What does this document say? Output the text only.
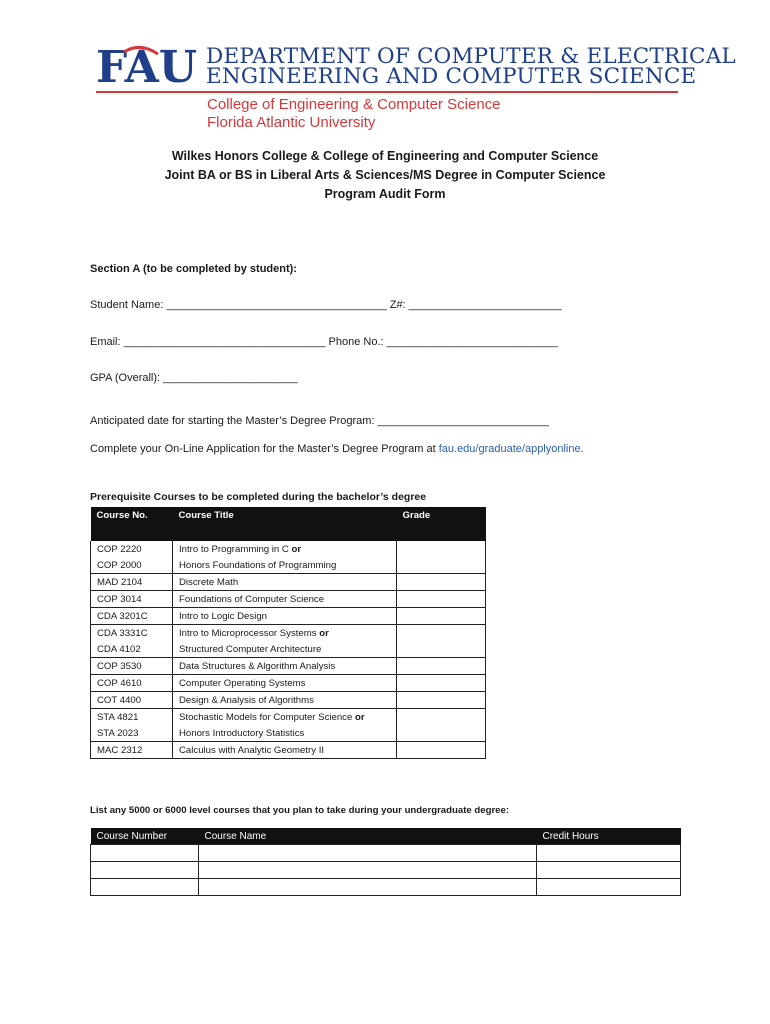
FAU DEPARTMENT OF COMPUTER & ELECTRICAL
ENGINEERING AND COMPUTER SCIENCE
College of Engineering & Computer Science
Florida Atlantic University
Wilkes Honors College & College of Engineering and Computer Science
Joint BA or BS in Liberal Arts & Sciences/MS Degree in Computer Science
Program Audit Form
Section A (to be completed by student):
Student Name: ____________________________________ Z#: _________________________
Email: _________________________________ Phone No.: ____________________________
GPA (Overall): ______________________
Anticipated date for starting the Master’s Degree Program: ____________________________
Complete your On-Line Application for the Master’s Degree Program at fau.edu/graduate/applyonline.
Prerequisite Courses to be completed during the bachelor’s degree
Course No.	Course Title	Grade
COP 2220	Intro to Programming in C or	
COP 2000	Honors Foundations of Programming	
MAD 2104	Discrete Math	
COP 3014	Foundations of Computer Science	
CDA 3201C	Intro to Logic Design	
CDA 3331C	Intro to Microprocessor Systems or	
CDA 4102	Structured Computer Architecture	
COP 3530	Data Structures & Algorithm Analysis	
COP 4610	Computer Operating Systems	
COT 4400	Design & Analysis of Algorithms	
STA 4821	Stochastic Models for Computer Science or	
STA 2023	Honors Introductory Statistics	
MAC 2312	Calculus with Analytic Geometry II	
List any 5000 or 6000 level courses that you plan to take during your undergraduate degree:
Course Number	Course Name	Credit Hours
